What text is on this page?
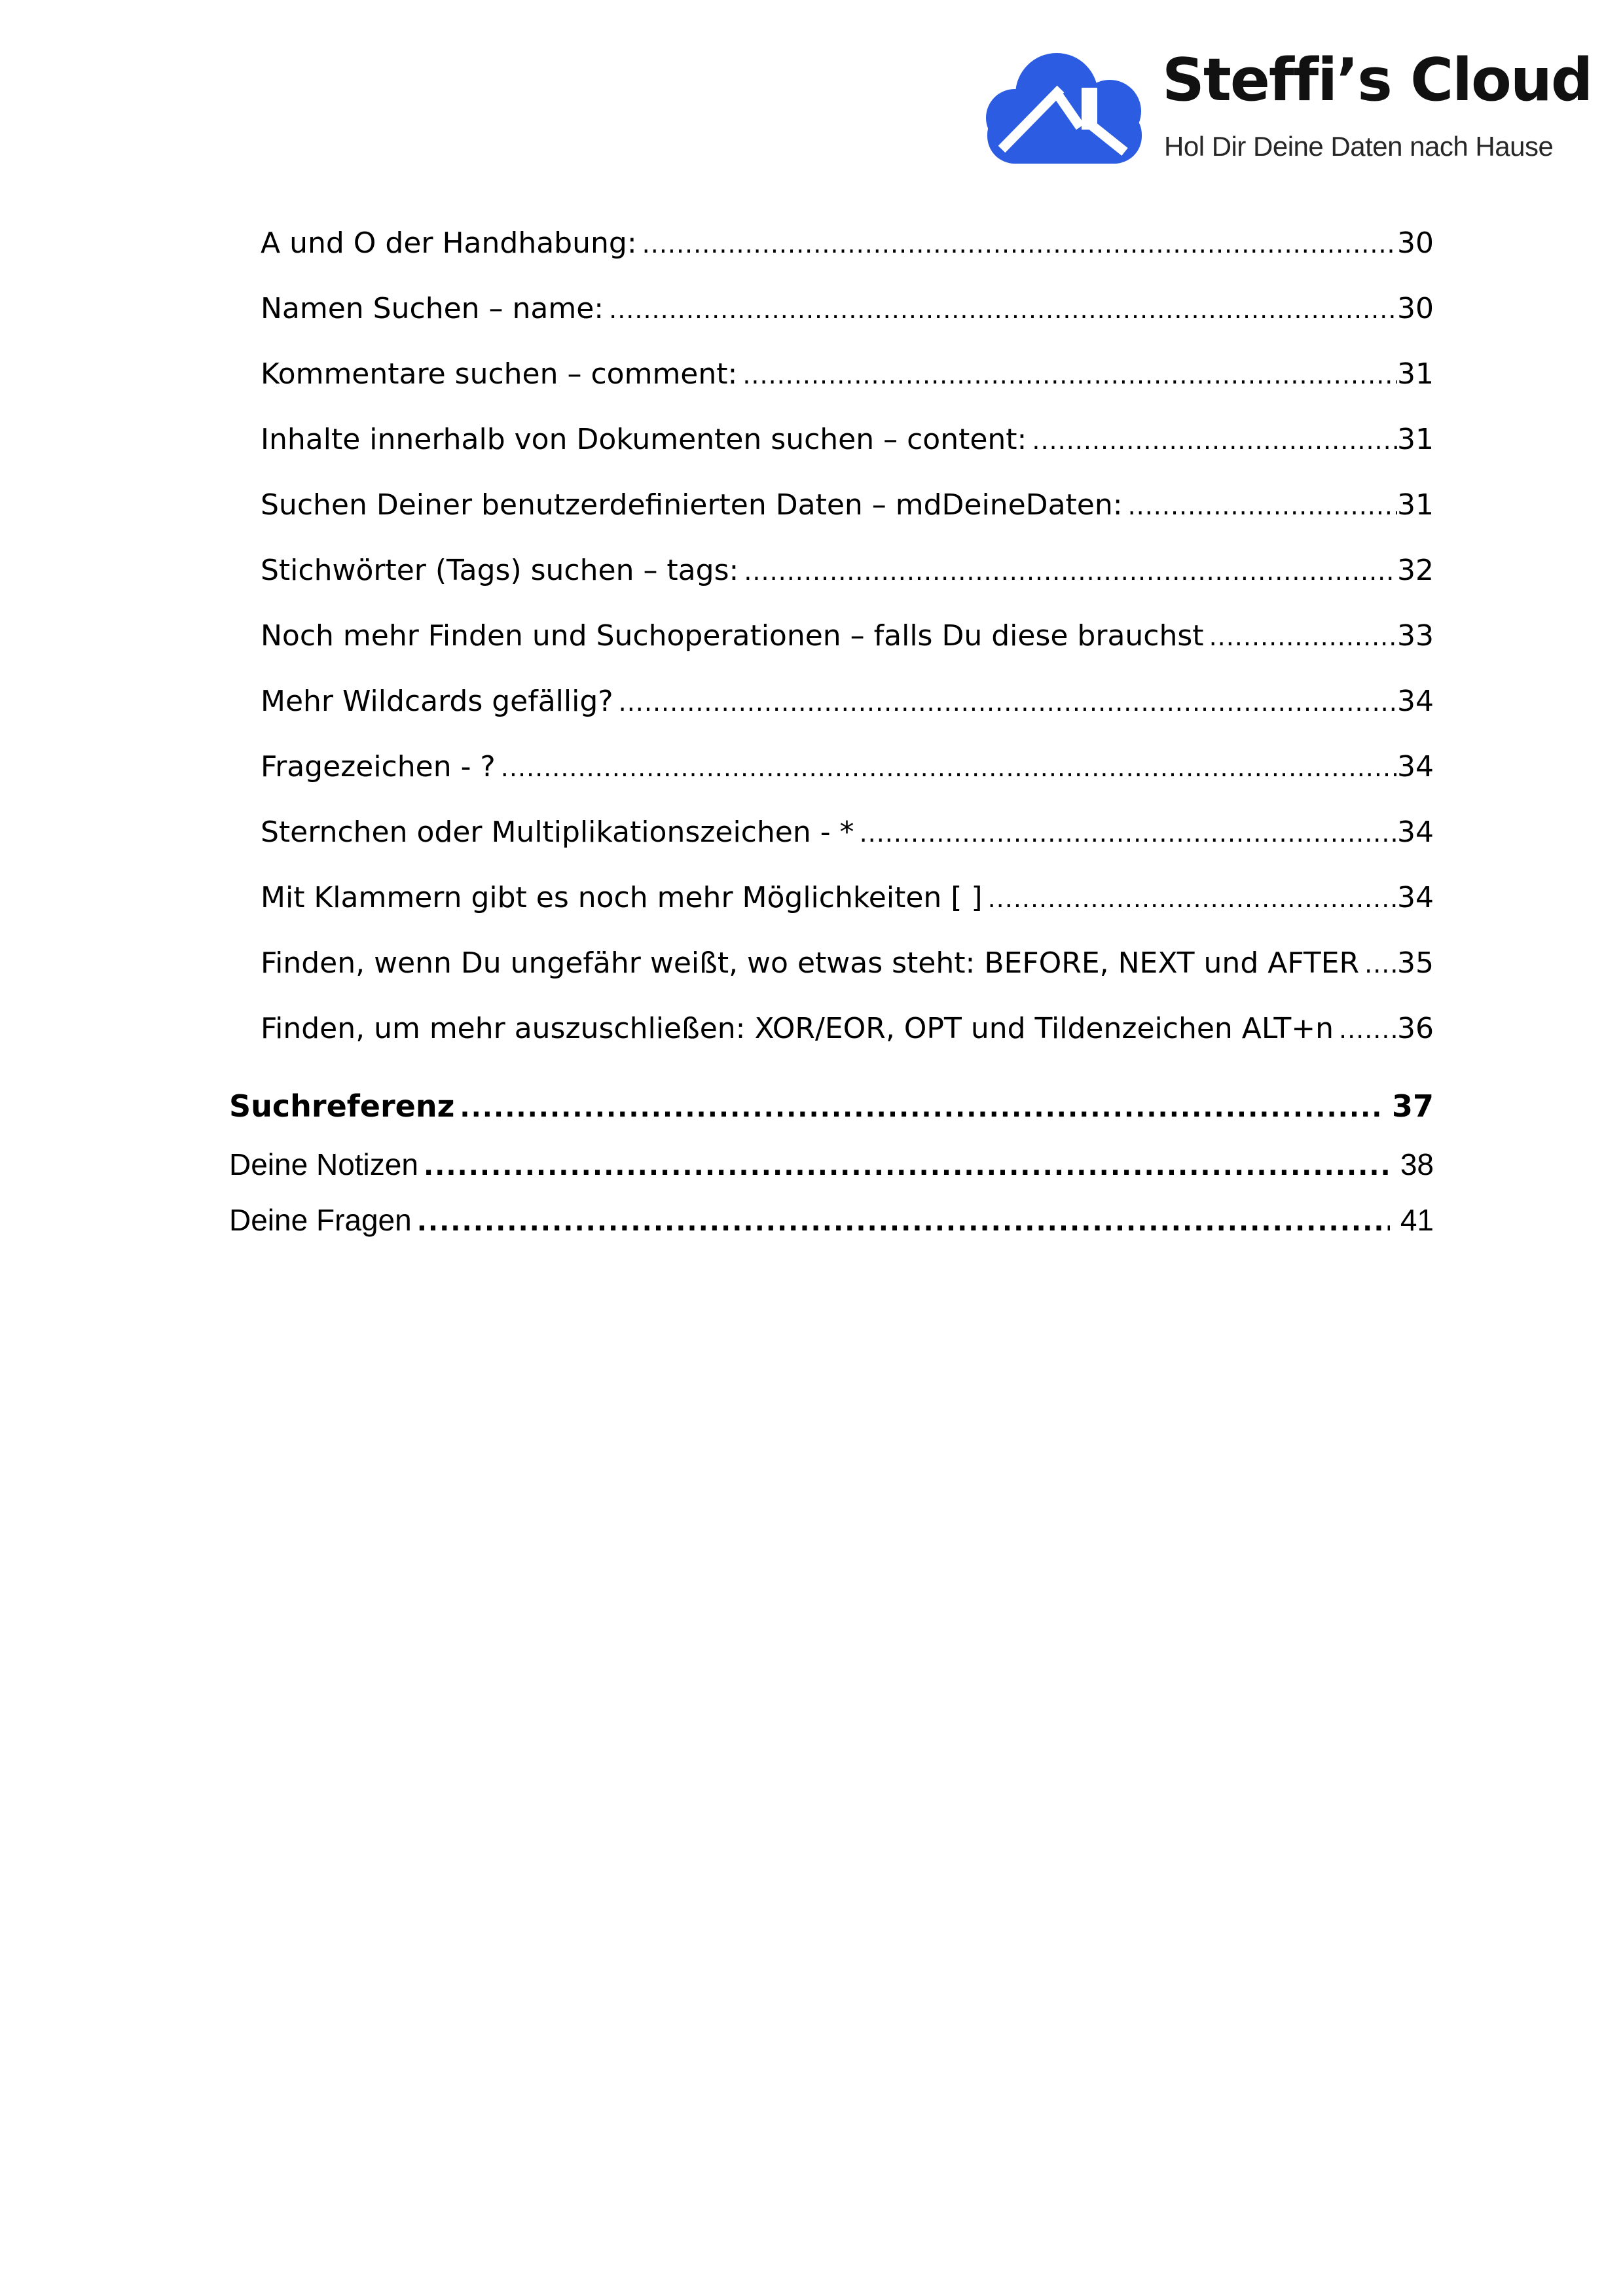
Steffi’s Cloud
Hol Dir Deine Daten nach Hause
A und O der Handhabung: .....	30
Namen Suchen – name: .....	30
Kommentare suchen – comment: .....	31
Inhalte innerhalb von Dokumenten suchen – content: .....	31
Suchen Deiner benutzerdefinierten Daten – mdDeineDaten: .....	31
Stichwörter (Tags) suchen – tags: .....	32
Noch mehr Finden und Suchoperationen – falls Du diese brauchst .....	33
Mehr Wildcards gefällig? .....	34
Fragezeichen - ? .....	34
Sternchen oder Multiplikationszeichen - * .....	34
Mit Klammern gibt es noch mehr Möglichkeiten [ ] .....	34
Finden, wenn Du ungefähr weißt, wo etwas steht: BEFORE, NEXT und AFTER ..... 35
Finden, um mehr auszuschließen: XOR/EOR, OPT und Tildenzeichen ALT+n ..... 36
Suchreferenz .....	37
Deine Notizen .....	38
Deine Fragen .....	41
